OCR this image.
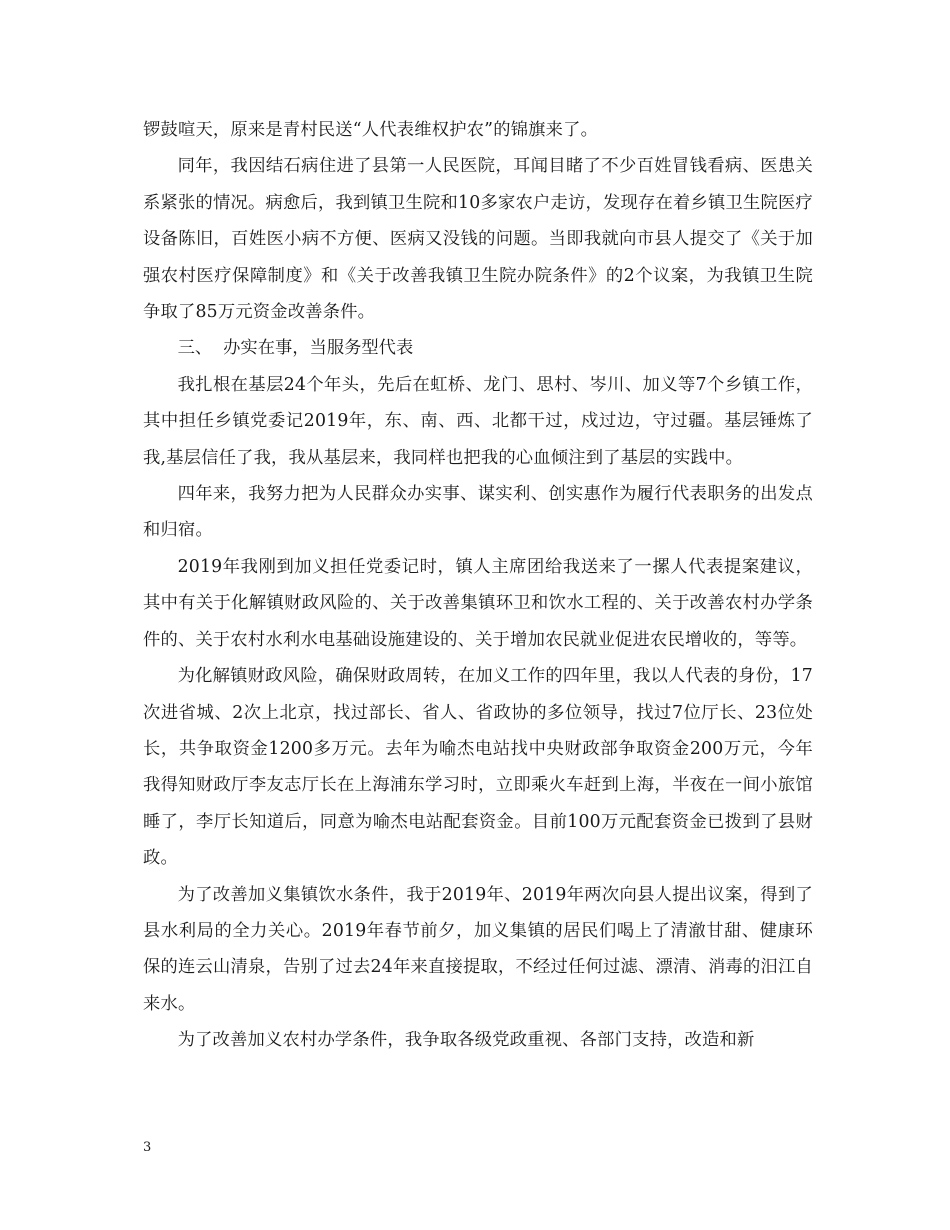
锣鼓喧天，原来是青村民送“人代表维权护农”的锦旗来了。

同年，我因结石病住进了县第一人民医院，耳闻目睹了不少百姓冒钱看病、医患关系紧张的情况。病愈后，我到镇卫生院和10多家农户走访，发现存在着乡镇卫生院医疗设备陈旧，百姓医小病不方便、医病又没钱的问题。当即我就向市县人提交了《关于加强农村医疗保障制度》和《关于改善我镇卫生院办院条件》的2个议案，为我镇卫生院争取了85万元资金改善条件。

三、  办实在事，当服务型代表

我扎根在基层24个年头，先后在虹桥、龙门、思村、岑川、加义等7个乡镇工作，其中担任乡镇党委记2019年，东、南、西、北都干过，戍过边，守过疆。基层锤炼了我,基层信任了我，我从基层来，我同样也把我的心血倾注到了基层的实践中。

四年来，我努力把为人民群众办实事、谋实利、创实惠作为履行代表职务的出发点和归宿。

2019年我刚到加义担任党委记时，镇人主席团给我送来了一摞人代表提案建议，其中有关于化解镇财政风险的、关于改善集镇环卫和饮水工程的、关于改善农村办学条件的、关于农村水利水电基础设施建设的、关于增加农民就业促进农民增收的，等等。

为化解镇财政风险，确保财政周转，在加义工作的四年里，我以人代表的身份，17次进省城、2次上北京，找过部长、省人、省政协的多位领导，找过7位厅长、23位处长，共争取资金1200多万元。去年为喻杰电站找中央财政部争取资金200万元，今年我得知财政厅李友志厅长在上海浦东学习时，立即乘火车赶到上海，半夜在一间小旅馆睡了，李厅长知道后，同意为喻杰电站配套资金。目前100万元配套资金已拨到了县财政。

为了改善加义集镇饮水条件，我于2019年、2019年两次向县人提出议案，得到了县水利局的全力关心。2019年春节前夕，加义集镇的居民们喝上了清澈甘甜、健康环保的连云山清泉，告别了过去24年来直接提取，不经过任何过滤、漂清、消毒的汨江自来水。

为了改善加义农村办学条件，我争取各级党政重视、各部门支持，改造和新

3
